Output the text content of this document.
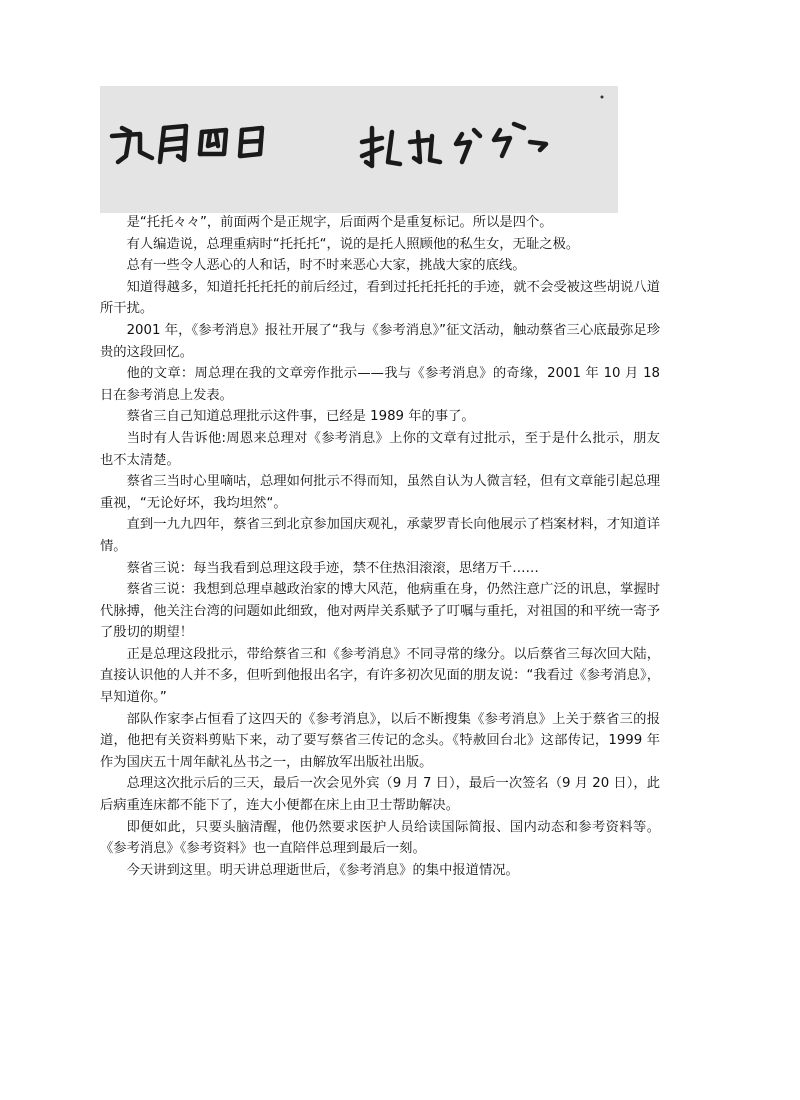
是“托托々々”，前面两个是正规字，后面两个是重复标记。所以是四个。

有人编造说，总理重病时“托托托“，说的是托人照顾他的私生女，无耻之极。

总有一些令人恶心的人和话，时不时来恶心大家，挑战大家的底线。

知道得越多，知道托托托托的前后经过，看到过托托托托的手迹，就不会受被这些胡说八道所干扰。

2001 年，《参考消息》报社开展了“我与《参考消息》”征文活动，触动蔡省三心底最弥足珍贵的这段回忆。

他的文章：周总理在我的文章旁作批示——我与《参考消息》的奇缘，2001 年 10 月 18 日在参考消息上发表。

蔡省三自己知道总理批示这件事，已经是 1989 年的事了。

当时有人告诉他:周恩来总理对《参考消息》上你的文章有过批示，至于是什么批示，朋友也不太清楚。

蔡省三当时心里嘀咕，总理如何批示不得而知，虽然自认为人微言轻，但有文章能引起总理重视，“无论好坏，我均坦然“。

直到一九九四年，蔡省三到北京参加国庆观礼，承蒙罗青长向他展示了档案材料，才知道详情。

蔡省三说：每当我看到总理这段手迹，禁不住热泪滚滚，思绪万千……

蔡省三说：我想到总理卓越政治家的博大风范，他病重在身，仍然注意广泛的讯息，掌握时代脉搏，他关注台湾的问题如此细致，他对两岸关系赋予了叮嘱与重托，对祖国的和平统一寄予了殷切的期望！

正是总理这段批示，带给蔡省三和《参考消息》不同寻常的缘分。以后蔡省三每次回大陆，直接认识他的人并不多，但听到他报出名字，有许多初次见面的朋友说：“我看过《参考消息》，早知道你。”

部队作家李占恒看了这四天的《参考消息》，以后不断搜集《参考消息》上关于蔡省三的报道，他把有关资料剪贴下来，动了要写蔡省三传记的念头。《特赦回台北》这部传记，1999 年作为国庆五十周年献礼丛书之一，由解放军出版社出版。

总理这次批示后的三天，最后一次会见外宾（9 月 7 日），最后一次签名（9 月 20 日），此后病重连床都不能下了，连大小便都在床上由卫士帮助解决。

即便如此，只要头脑清醒，他仍然要求医护人员给读国际简报、国内动态和参考资料等。《参考消息》《参考资料》也一直陪伴总理到最后一刻。

今天讲到这里。明天讲总理逝世后，《参考消息》的集中报道情况。
